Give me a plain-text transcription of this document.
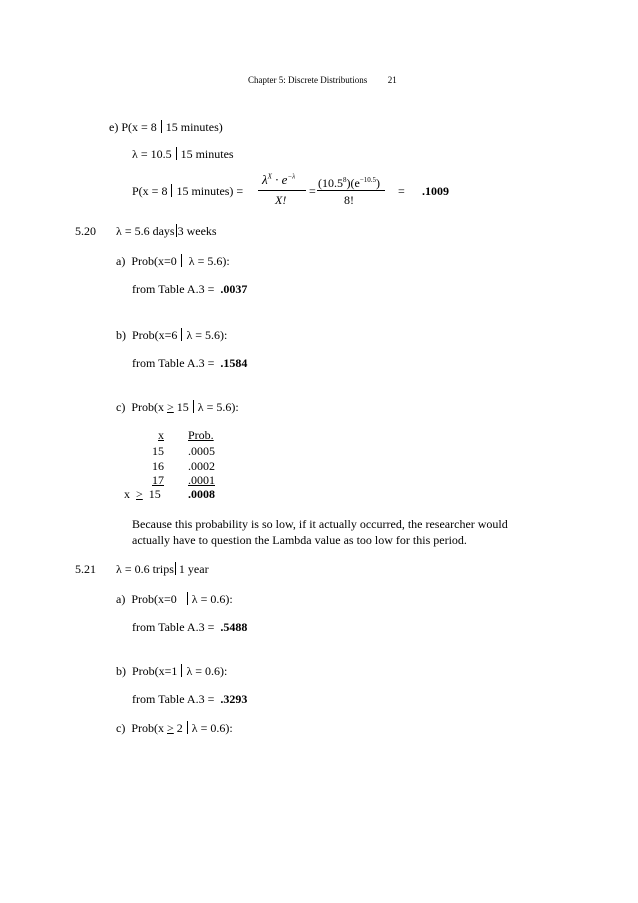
Chapter 5: Discrete Distributions 21
e) P(x = 8 15 minutes)
λ = 10.5 15 minutes
P(x = 8 15 minutes) =
$\lambda^X \cdot e^{-\lambda}$
X!
=
$(10.5^8)(e^{-10.5})$
8!
= .1009
5.20 λ = 5.6 days 3 weeks
a) Prob(x=0 λ = 5.6):
from Table A.3 = .0037
b) Prob(x=6 λ = 5.6):
from Table A.3 = .1584
c) Prob(x > 15 λ = 5.6):
x Prob.
15 .0005
16 .0002
17 .0001
x > 15 .0008
Because this probability is so low, if it actually occurred, the researcher would
actually have to question the Lambda value as too low for this period.
5.21 λ = 0.6 trips 1 year
a) Prob(x=0 λ = 0.6):
from Table A.3 = .5488
b) Prob(x=1 λ = 0.6):
from Table A.3 = .3293
c) Prob(x > 2 λ = 0.6):
